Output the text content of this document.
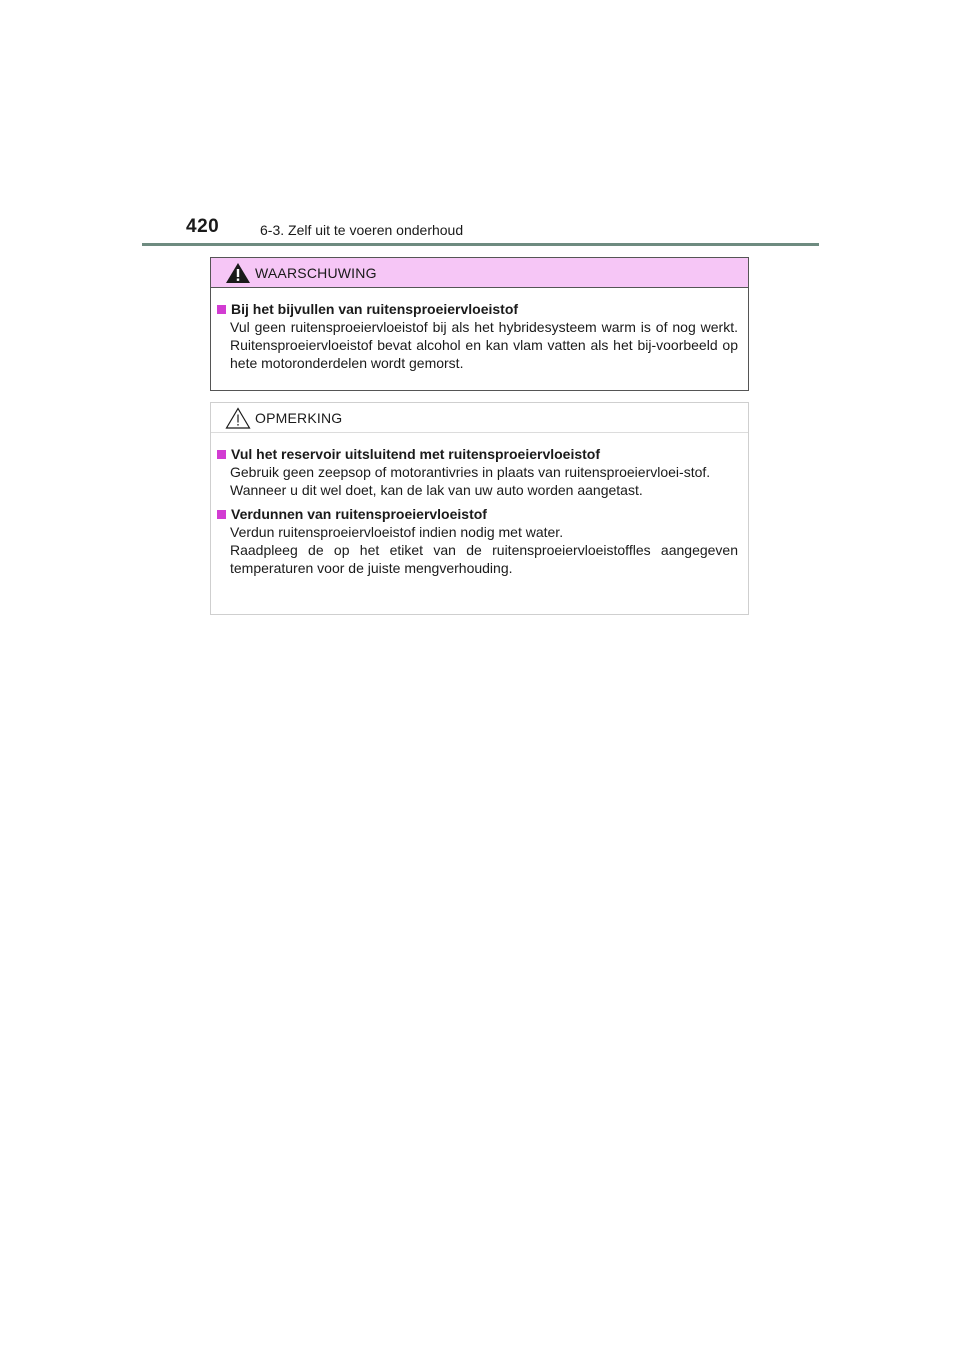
420	6-3. Zelf uit te voeren onderhoud
WAARSCHUWING
Bij het bijvullen van ruitensproeiervloeistof

Vul geen ruitensproeiervloeistof bij als het hybridesysteem warm is of nog werkt. Ruitensproeiervloeistof bevat alcohol en kan vlam vatten als het bij-voorbeeld op hete motoronderdelen wordt gemorst.

OPMERKING
Vul het reservoir uitsluitend met ruitensproeiervloeistof

Gebruik geen zeepsop of motorantivries in plaats van ruitensproeiervloei-stof.

Wanneer u dit wel doet, kan de lak van uw auto worden aangetast.

Verdunnen van ruitensproeiervloeistof

Verdun ruitensproeiervloeistof indien nodig met water.

Raadpleeg de op het etiket van de ruitensproeiervloeistoffles aangegeven temperaturen voor de juiste mengverhouding.
